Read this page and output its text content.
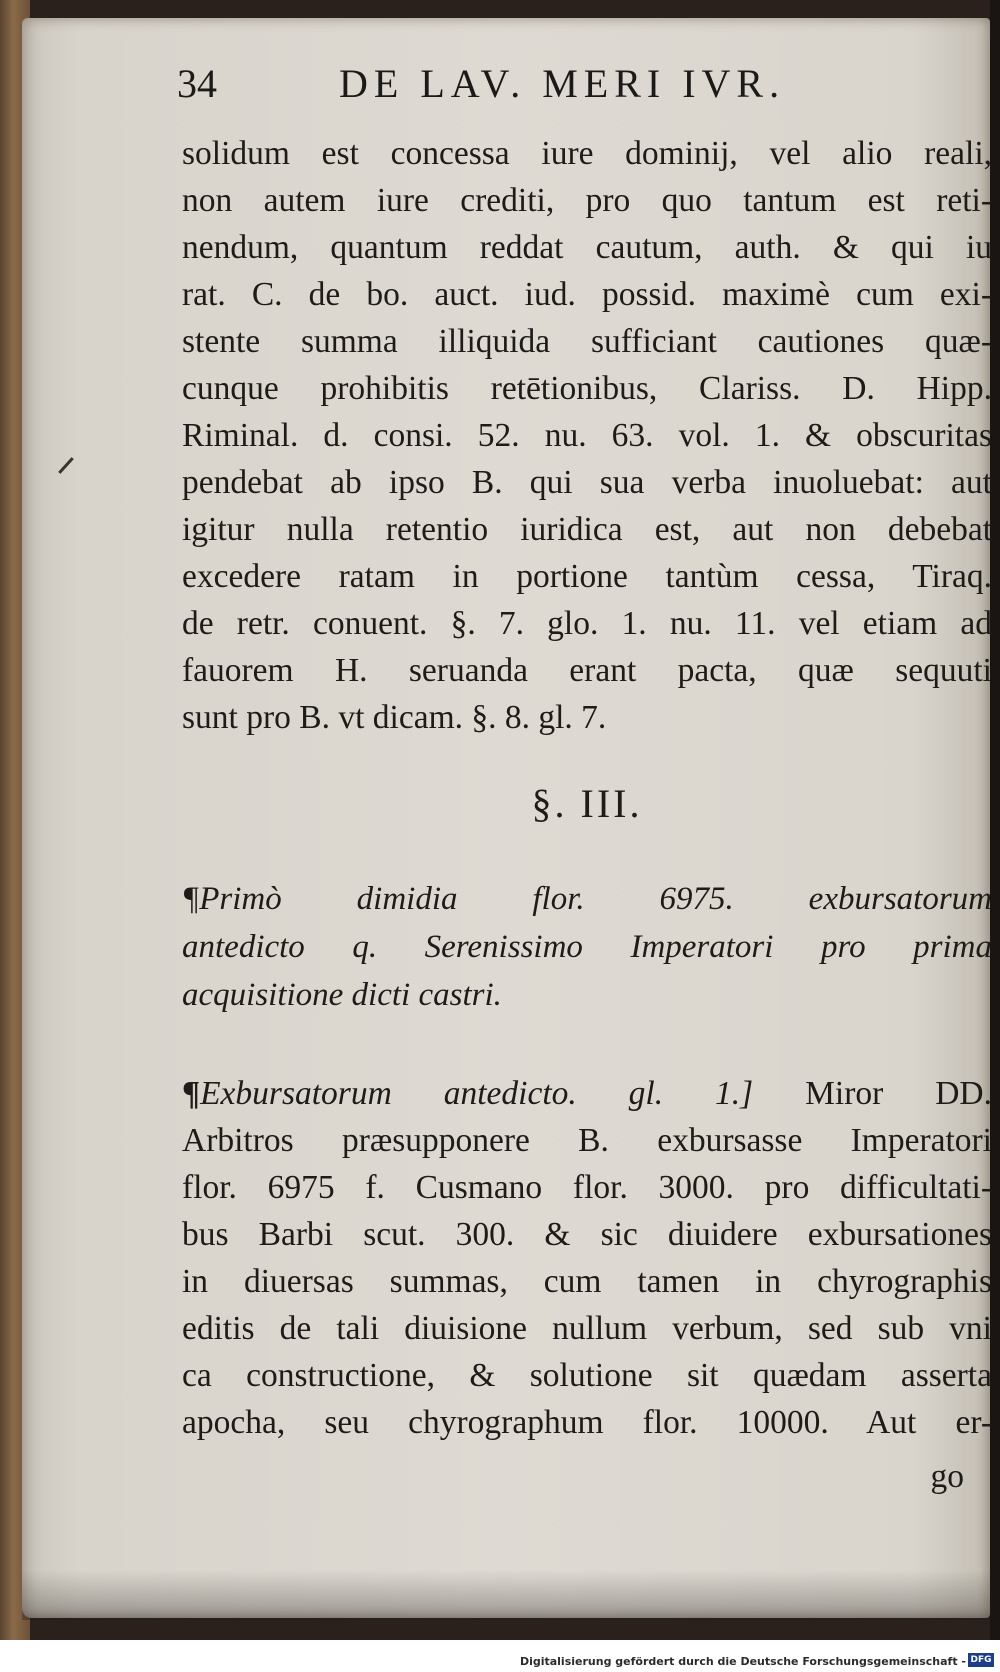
34	DE LAV. MERI IVR.
solidum est concessa iure dominij, vel alio reali,
non autem iure crediti, pro quo tantum est reti-
nendum, quantum reddat cautum, auth. & qui iu
rat. C. de bo. auct. iud. possid. maximè cum exi-
stente summa illiquida sufficiant cautiones quæ-
cunque prohibitis retētionibus, Clariss. D. Hipp.
Riminal. d. consi. 52. nu. 63. vol. 1. & obscuritas
pendebat ab ipso B. qui sua verba inuoluebat: aut
igitur nulla retentio iuridica est, aut non debebat
excedere ratam in portione tantùm cessa, Tiraq.
de retr. conuent. §. 7. glo. 1. nu. 11. vel etiam ad
fauorem H. seruanda erant pacta, quæ sequuti
sunt pro B. vt dicam. §. 8. gl. 7.
§. III.
¶Primò dimidia flor. 6975. exbursatorum
antedicto q. Serenissimo Imperatori pro prima
acquisitione dicti castri.
¶Exbursatorum antedicto. gl. 1.] Miror DD.
Arbitros præsupponere B. exbursasse Imperatori
flor. 6975 f. Cusmano flor. 3000. pro difficultati-
bus Barbi scut. 300. & sic diuidere exbursationes
in diuersas summas, cum tamen in chyrographis
editis de tali diuisione nullum verbum, sed sub vni
ca constructione, & solutione sit quædam asserta
apocha, seu chyrographum flor. 10000. Aut er-
go
Digitalisierung gefördert durch die Deutsche Forschungsgemeinschaft - DFG
